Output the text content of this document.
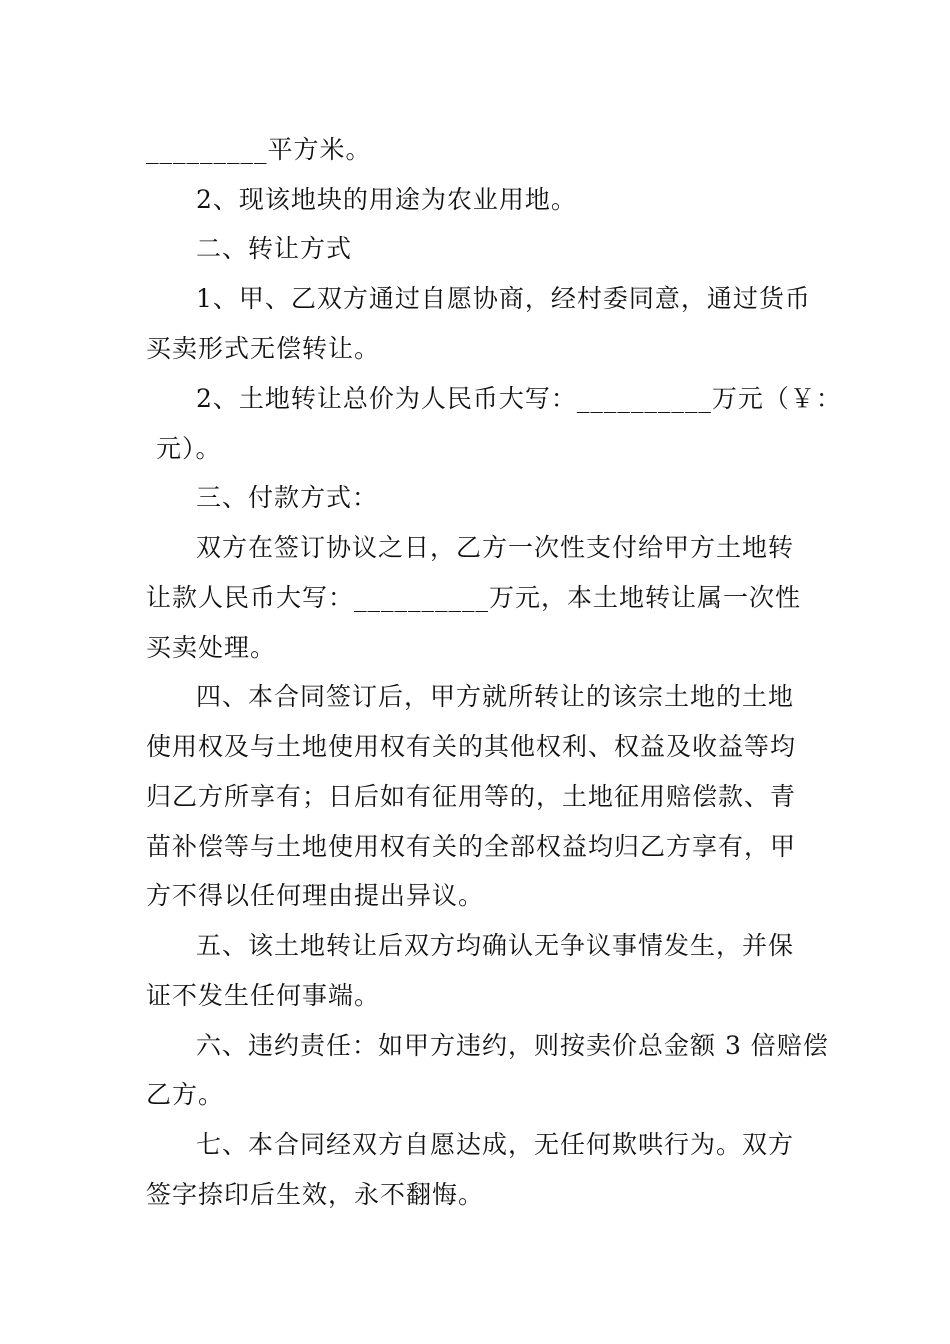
_________平方米。
2、现该地块的用途为农业用地。
二、转让方式
1、甲、乙双方通过自愿协商，经村委同意，通过货币
买卖形式无偿转让。
2、土地转让总价为人民币大写：__________万元（￥：
元）。
三、付款方式：
双方在签订协议之日，乙方一次性支付给甲方土地转
让款人民币大写：__________万元，本土地转让属一次性
买卖处理。
四、本合同签订后，甲方就所转让的该宗土地的土地
使用权及与土地使用权有关的其他权利、权益及收益等均
归乙方所享有；日后如有征用等的，土地征用赔偿款、青
苗补偿等与土地使用权有关的全部权益均归乙方享有，甲
方不得以任何理由提出异议。
五、该土地转让后双方均确认无争议事情发生，并保
证不发生任何事端。
六、违约责任：如甲方违约，则按卖价总金额 3 倍赔偿
乙方。
七、本合同经双方自愿达成，无任何欺哄行为。双方
签字捺印后生效，永不翻悔。
